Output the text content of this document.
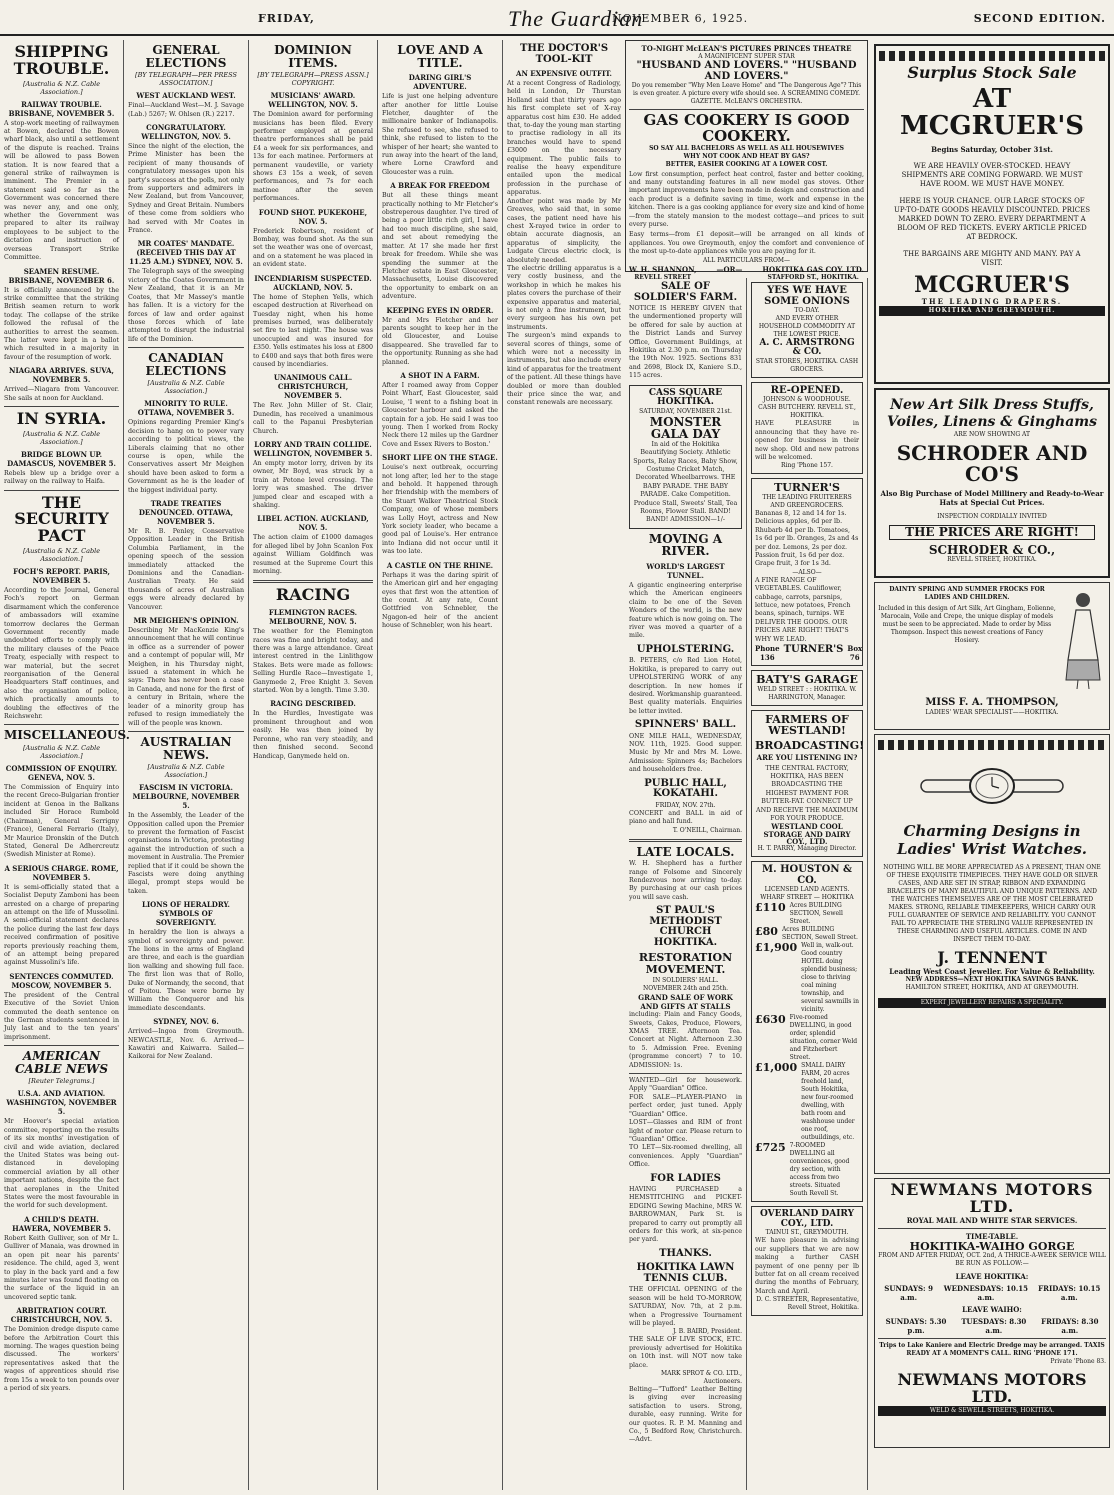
FRIDAY,	The Guardian
NOVEMBER 6, 1925.	SECOND EDITION.
SHIPPING TROUBLE.
[Australia & N.Z. Cable Association.]
RAILWAY TROUBLE. BRISBANE, NOVEMBER 5.
A stop-work meeting of railwaymen at Bowen, declared the Bowen wharf black, also until a settlement of the dispute is reached. Trains will be allowed to pass Bowen station. It is now feared that a general strike of railwaymen is imminent. The Premier in a statement said so far as the Government was concerned there was never any, and one only, whether the Government was prepared to alter its railway employees to be subject to the dictation and instruction of overseas Transport Strike Committee.
SEAMEN RESUME. BRISBANE, NOVEMBER 6.
It is officially announced by the strike committee that the striking British seamen return to work today. The collapse of the strike followed the refusal of the authorities to arrest the seamen. The latter were kept in a ballot which resulted in a majority in favour of the resumption of work.
NIAGARA ARRIVES. SUVA, NOVEMBER 5.
Arrived—Niagara from Vancouver. She sails at noon for Auckland.
IN SYRIA.
[Australia & N.Z. Cable Association.]
BRIDGE BLOWN UP. DAMASCUS, NOVEMBER 5.
Rebels blew up a bridge over a railway on the railway to Haifa.
THE SECURITY PACT
[Australia & N.Z. Cable Association.]
FOCH'S REPORT. PARIS, NOVEMBER 5.
According to the Journal, General Foch's report on German disarmament which the conference of ambassadors will examine tomorrow declares the German Government recently made undoubted efforts to comply with the military clauses of the Peace Treaty, especially with respect to war material, but the secret reorganisation of the General Headquarters Staff continues, and also the organisation of police, which practically amounts to doubling the effectives of the Reichswehr.
MISCELLANEOUS.
[Australia & N.Z. Cable Association.]
COMMISSION OF ENQUIRY. GENEVA, NOV. 5.
The Commission of Enquiry into the recent Greco-Bulgarian frontier incident at Genoa in the Balkans included Sir Horace Rumbold (Chairman), General Serrigny (France), General Ferrario (Italy), Mr Maurice Dronskin of the Dutch Stated, General De Adhercreutz (Swedish Minister at Rome).
A SERIOUS CHARGE. ROME, NOVEMBER 5.
It is semi-officially stated that a Socialist Deputy Zamboni has been arrested on a charge of preparing an attempt on the life of Mussolini. A semi-official statement declares the police during the last few days received confirmation of positive reports previously reaching them, of an attempt being prepared against Mussolini's life.
SENTENCES COMMUTED. MOSCOW, NOVEMBER 5.
The president of the Central Executive of the Soviet Union commuted the death sentence on the German students sentenced in July last and to the ten years' imprisonment.
AMERICAN CABLE NEWS
[Reuter Telegrams.]
U.S.A. AND AVIATION. WASHINGTON, NOVEMBER 5.
Mr Hoover's special aviation committee, reporting on the results of its six months' investigation of civil and wide aviation, declared the United States was being out-distanced in developing commercial aviation by all other important nations, despite the fact that aeroplanes in the United States were the most favourable in the world for such development.
A CHILD'S DEATH. HAWERA, NOVEMBER 5.
Robert Keith Gulliver, son of Mr L. Gulliver of Manaia, was drowned in an open pit near his parents' residence. The child, aged 3, went to play in the back yard and a few minutes later was found floating on the surface of the liquid in an uncovered septic tank.
ARBITRATION COURT. CHRISTCHURCH, NOV. 5.
The Dominion dredge dispute came before the Arbitration Court this morning. The wages question being discussed. The workers' representatives asked that the wages of apprentices should rise from 15s a week to ten pounds over a period of six years.
GENERAL ELECTIONS
[BY TELEGRAPH—PER PRESS ASSOCIATION.]
WEST AUCKLAND WEST.
Final—Auckland West—M. J. Savage (Lab.) 5267; W. Ohlsen (R.) 2217.
CONGRATULATORY. WELLINGTON, NOV. 5.
Since the night of the election, the Prime Minister has been the recipient of many thousands of congratulatory messages upon his party's success at the polls, not only from supporters and admirers in New Zealand, but from Vancouver, Sydney and Great Britain. Numbers of these come from soldiers who had served with Mr Coates in France.
MR COATES' MANDATE. (RECEIVED THIS DAY AT 11.25 A.M.) SYDNEY, NOV. 5.
The Telegraph says of the sweeping victory of the Coates Government in New Zealand, that it is an Mr Coates, that Mr Massey's mantle has fallen. It is a victory for the forces of law and order against those forces which of late attempted to disrupt the industrial life of the Dominion.
CANADIAN ELECTIONS
[Australia & N.Z. Cable Association.]
MINORITY TO RULE. OTTAWA, NOVEMBER 5.
Opinions regarding Premier King's decision to hang on to power vary according to political views, the Liberals claiming that no other course is open, while the Conservatives assert Mr Meighen should have been asked to form a Government as he is the leader of the biggest individual party.
TRADE TREATIES DENOUNCED. OTTAWA, NOVEMBER 5.
Mr R. B. Penley, Conservative Opposition Leader in the British Columbia Parliament, in the opening speech of the session immediately attacked the Dominions and the Canadian-Australian Treaty. He said thousands of acres of Australian eggs were already declared by Vancouver.
MR MEIGHEN'S OPINION.
Describing Mr MacKenzie King's announcement that he will continue in office as a surrender of power and a contempt of popular will, Mr Meighen, in his Thursday night, issued a statement in which he says: There has never been a case in Canada, and none for the first of a century in Britain, where the leader of a minority group has refused to resign immediately the will of the people was known.
AUSTRALIAN NEWS.
[Australia & N.Z. Cable Association.]
FASCISM IN VICTORIA. MELBOURNE, NOVEMBER 5.
In the Assembly, the Leader of the Opposition called upon the Premier to prevent the formation of Fascist organisations in Victoria, protesting against the introduction of such a movement in Australia. The Premier replied that if it could be shown the Fascists were doing anything illegal, prompt steps would be taken.
LIONS OF HERALDRY. SYMBOLS OF SOVEREIGNTY.
In heraldry the lion is always a symbol of sovereignty and power. The lions in the arms of England are three, and each is the guardian lion walking and showing full face. The first lion was that of Rollo, Duke of Normandy, the second, that of Poitou. These were borne by William the Conqueror and his immediate descendants.
SYDNEY, NOV. 6.
Arrived—Ingoa from Greymouth. NEWCASTLE, Nov. 6. Arrived—Kawatiri and Kaiwarra. Sailed—Kaikorai for New Zealand.
DOMINION ITEMS.
[BY TELEGRAPH—PRESS ASSN.] COPYRIGHT.
MUSICIANS' AWARD. WELLINGTON, NOV. 5.
The Dominion award for performing musicians has been filed. Every performer employed at general theatre performances shall be paid £4 a week for six performances, and 13s for each matinee. Performers at permanent vaudeville, or variety shows £3 15s a week, of seven performances, and 7s for each matinee after the seven performances.
FOUND SHOT. PUKEKOHE, NOV. 5.
Frederick Robertson, resident of Bombay, was found shot. As the sun set the weather was one of overcast, and on a statement he was placed in an evident state.
INCENDIARISM SUSPECTED. AUCKLAND, NOV. 5.
The home of Stephen Yells, which escaped destruction at Riverhead on Tuesday night, when his home premises burned, was deliberately set fire to last night. The house was unoccupied and was insured for £350. Yells estimates his loss at £800 to £400 and says that both fires were caused by incendiaries.
UNANIMOUS CALL. CHRISTCHURCH, NOVEMBER 5.
The Rev. John Miller of St. Clair, Dunedin, has received a unanimous call to the Papanui Presbyterian Church.
LORRY AND TRAIN COLLIDE. WELLINGTON, NOVEMBER 5.
An empty motor lorry, driven by its owner, Mr Boyd, was struck by a train at Petone level crossing. The lorry was smashed. The driver jumped clear and escaped with a shaking.
LIBEL ACTION. AUCKLAND, NOV. 5.
The action claim of £1000 damages for alleged libel by John Scanlon Fox against William Goldfinch was resumed at the Supreme Court this morning.
RACING
FLEMINGTON RACES. MELBOURNE, NOV. 5.
The weather for the Flemington races was fine and bright today, and there was a large attendance. Great interest centred in the Linlithgow Stakes. Bets were made as follows: Selling Hurdle Race—Investigate 1, Ganymede 2, Free Knight 3. Seven started. Won by a length. Time 3.30.
RACING DESCRIBED.
In the Hurdles, Investigate was prominent throughout and won easily. He was then joined by Peronne, who ran very steadily, and then finished second. Second Handicap, Ganymede held on.
LOVE AND A TITLE.
DARING GIRL'S ADVENTURE.
Life is just one helping adventure after another for little Louise Fletcher, daughter of the millionaire banker of Indianapolis. She refused to see, she refused to think, she refused to listen to the whisper of her heart; she wanted to run away into the heart of the land, where Lorne Crawford and Gloucester was a ruin.
A BREAK FOR FREEDOM
But all these things meant practically nothing to Mr Fletcher's obstreperous daughter. I've tired of being a poor little rich girl, I have had too much discipline, she said, and set about remedying the matter. At 17 she made her first break for freedom. While she was spending the summer at the Fletcher estate in East Gloucester, Massachusetts, Louise discovered the opportunity to embark on an adventure.
KEEPING EYES IN ORDER.
Mr and Mrs Fletcher and her parents sought to keep her in the old Gloucester, and Louise disappeared. She travelled far to the opportunity. Running as she had planned.
A SHOT IN A FARM.
After I roamed away from Copper Point Wharf, East Gloucester, said Louise, 'I went to a fishing boat in Gloucester harbour and asked the captain for a job. He said I was too young. Then I worked from Rocky Neck there 12 miles up the Gardner Cove and Essex Rivers to Boston.'
SHORT LIFE ON THE STAGE.
Louise's next outbreak, occurring not long after, led her to the stage and behold. It happened through her friendship with the members of the Stuart Walker Theatrical Stock Company, one of whose members was Lolly Hoyt, actress and New York society leader, who became a good pal of Louise's. Her entrance into Indiana did not occur until it was too late.
A CASTLE ON THE RHINE.
Perhaps it was the daring spirit of the American girl and her engaging eyes that first won the attention of the count. At any rate, Count Gottfried von Schnebler, the Ngagon-ed heir of the ancient house of Schnebler, won his heart.
THE DOCTOR'S TOOL-KIT
AN EXPENSIVE OUTFIT.
At a recent Congress of Radiology, held in London, Dr Thurstan Holland said that thirty years ago his first complete set of X-ray apparatus cost him £30. He added that, to-day the young man starting to practise radiology in all its branches would have to spend £3000 on the necessary equipment. The public fails to realise the heavy expenditure entailed upon the medical profession in the purchase of apparatus.
Another point was made by Mr Greaves, who said that, in some cases, the patient need have his chest X-rayed twice in order to obtain accurate diagnosis, an apparatus of simplicity, the Ludgate Circus electric clock, is absolutely needed.
The electric drilling apparatus is a very costly business, and the workshop in which he makes his plates covers the purchase of their expensive apparatus and material, is not only a fine instrument, but every surgeon has his own pet instruments.
The surgeon's mind expands to several scores of things, some of which were not a necessity in instruments, but also include every kind of apparatus for the treatment of the patient. All these things have doubled or more than doubled their price since the war, and constant renewals are necessary.
TO-NIGHT McLEAN'S PICTURES PRINCES THEATRE
A MAGNIFICENT SUPER STAR
"HUSBAND AND LOVERS." "HUSBAND AND LOVERS."
Do you remember "Why Men Leave Home" and "The Dangerous Age"? This is even greater. A picture every wife should see. A SCREAMING COMEDY. GAZETTE. McLEAN'S ORCHESTRA.
GAS COOKERY IS GOOD COOKERY.
SO SAY ALL BACHELORS AS WELL AS ALL HOUSEWIVES
WHY NOT COOK AND HEAT BY GAS?
BETTER, EASIER COOKING AT A LOWER COST.
Low first consumption, perfect heat control, faster and better cooking, and many outstanding features in all new model gas stoves. Other important improvements have been made in design and construction and each product is a definite saving in time, work and expense in the kitchen. There is a gas cooking appliance for every size and kind of home—from the stately mansion to the modest cottage—and prices to suit every purse.
Easy terms—from £1 deposit—will be arranged on all kinds of appliances. You owe Greymouth, enjoy the comfort and convenience of the most up-to-date appliances while you are paying for it.
ALL PARTICULARS FROM—
W. H. SHANNON,
REVELL STREET
—OR—	HOKITIKA GAS COY. LTD.
STAFFORD ST., HOKITIKA.
SALE OF SOLDIER'S FARM.
NOTICE IS HEREBY GIVEN that the undermentioned property will be offered for sale by auction at the District Lands and Survey Office, Government Buildings, at Hokitika at 2.30 p.m. on Thursday the 19th Nov. 1925. Sections 831 and 2698, Block IX, Kaniere S.D., 115 acres.
CASS SQUARE HOKITIKA.
SATURDAY, NOVEMBER 21st.
MONSTER GALA DAY
In aid of the Hokitika Beautifying Society. Athletic Sports, Relay Races, Baby Show, Costume Cricket Match, Decorated Wheelbarrows. THE BABY PARADE. THE BABY PARADE. Cake Competition. Produce Stall, Sweets' Stall, Tea Rooms, Flower Stall. BAND! BAND! ADMISSION—1/-
MOVING A RIVER.
WORLD'S LARGEST TUNNEL.
A gigantic engineering enterprise which the American engineers claim to be one of the Seven Wonders of the world, is the new feature which is now going on. The river was moved a quarter of a mile.
UPHOLSTERING.
B. PETERS, c/o Red Lion Hotel, Hokitika, is prepared to carry out UPHOLSTERING WORK of any description. In new homes if desired. Workmanship guaranteed. Best quality materials. Enquiries be letter invited.
SPINNERS' BALL.
ONE MILE HALL, WEDNESDAY, NOV. 11th, 1925. Good supper. Music by Mr and Mrs M. Lowe. Admission: Spinners 4s; Bachelors and householders free.
PUBLIC HALL, KOKATAHI.
FRIDAY, NOV. 27th.
CONCERT and BALL in aid of piano and hall fund.
T. O'NEILL, Chairman.
LATE LOCALS.
W. H. Shepherd has a further range of Folsome and Sincerely Rendezvous now arriving to-day. By purchasing at our cash prices you will save cash.
ST PAUL'S METHODIST CHURCH HOKITIKA.
RESTORATION MOVEMENT.
IN SOLDIERS' HALL.
NOVEMBER 24th and 25th.
GRAND SALE OF WORK AND GIFTS AT STALLS
including: Plain and Fancy Goods, Sweets, Cakes, Produce, Flowers, XMAS TREE. Afternoon Tea. Concert at Night. Afternoon 2.30 to 5. Admission Free. Evening (programme concert) 7 to 10. ADMISSION: 1s.
WANTED—Girl for housework. Apply "Guardian" Office.
FOR SALE—PLAYER-PIANO in perfect order, just tuned. Apply "Guardian" Office.
LOST—Glasses and RIM of front light of motor car. Please return to "Guardian" Office.
TO LET—Six-roomed dwelling, all conveniences. Apply "Guardian" Office.
FOR LADIES
HAVING PURCHASED a HEMSTITCHING and PICKET-EDGING Sewing Machine, MRS W. BARROWMAN, Park St. is prepared to carry out promptly all orders for this work, at six-pence per yard.
THANKS.
HOKITIKA LAWN TENNIS CLUB.
THE OFFICIAL OPENING of the season will be held TO-MORROW, SATURDAY, Nov. 7th, at 2 p.m. when a Progressive Tournament will be played.
J. B. BAIRD, President.
THE SALE OF LIVE STOCK, ETC. previously advertised for Hokitika on 10th inst. will NOT now take place.
MARK SPROT & CO. LTD., Auctioneers.
Belting—"Tufford" Leather Belting is giving ever increasing satisfaction to users. Strong, durable, easy running. Write for our quotes. R. P. M. Manning and Co., 5 Bedford Row, Christchurch.—Advt.
YES WE HAVE SOME ONIONS
TO-DAY.
AND EVERY OTHER HOUSEHOLD COMMODITY AT THE LOWEST PRICE.
A. C. ARMSTRONG & CO.
STAR STORES, HOKITIKA. CASH GROCERS.
RE-OPENED.
JOHNSON & WOODHOUSE. CASH BUTCHERY. REVELL ST., HOKITIKA.
HAVE PLEASURE in announcing that they have re-opened for business in their new shop. Old and new patrons will be welcomed.
Ring 'Phone 157.
TURNER'S
THE LEADING FRUITERERS AND GREENGROCERS.
Bananas 8, 12 and 14 for 1s. Delicious apples, 6d per lb. Rhubarb 4d per lb. Tomatoes, 1s 6d per lb. Oranges, 2s and 4s per doz. Lemons, 2s per doz. Passion fruit, 1s 6d per doz. Grape fruit, 3 for 1s 3d.
—ALSO—
A FINE RANGE OF VEGETABLES. Cauliflower, cabbage, carrots, parsnips, lettuce, new potatoes, French beans, spinach, turnips. WE DELIVER THE GOODS. OUR PRICES ARE RIGHT! THAT'S WHY WE LEAD.
Phone 136
TURNER'S Box 76
BATY'S GARAGE
WELD STREET : : HOKITIKA. W. HARRINGTON, Manager.
FARMERS OF WESTLAND!
BROADCASTING!
ARE YOU LISTENING IN?
THE CENTRAL FACTORY, HOKITIKA, HAS BEEN BROADCASTING THE HIGHEST PAYMENT FOR BUTTER-FAT. CONNECT UP AND RECEIVE THE MAXIMUM FOR YOUR PRODUCE.
WESTLAND COOL STORAGE AND DAIRY COY., LTD.
H. T. PARRY, Managing Director.
M. HOUSTON & CO.
LICENSED LAND AGENTS.
WHARF STREET — HOKITIKA
£110 Acres BUILDING SECTION, Sewell Street.
£80 Acres BUILDING SECTION, Sewell Street.
£1,900 Well in, walk-out. Good country HOTEL doing splendid business; close to thriving coal mining township, and several sawmills in vicinity.
£630 Five-roomed DWELLING, in good order, splendid situation, corner Weld and Fitzherbert Street.
£1,000 SMALL DAIRY FARM, 20 acres freehold land, South Hokitika, new four-roomed dwelling, with bath room and washhouse under one roof, outbuildings, etc.
£725 7-ROOMED DWELLING all conveniences, good dry section, with access from two streets. Situated South Revell St.
OVERLAND DAIRY COY., LTD.
TAINUI ST., GREYMOUTH.
WE have pleasure in advising our suppliers that we are now making a further CASH payment of one penny per lb butter fat on all cream received during the months of February, March and April.
D. C. STREETER, Representative, Revell Street, Hokitika.
Surplus Stock Sale
AT MCGRUER'S
Begins Saturday, October 31st.
WE ARE HEAVILY OVER-STOCKED. HEAVY SHIPMENTS ARE COMING FORWARD. WE MUST HAVE ROOM. WE MUST HAVE MONEY.
HERE IS YOUR CHANCE. OUR LARGE STOCKS OF UP-TO-DATE GOODS HEAVILY DISCOUNTED. PRICES MARKED DOWN TO ZERO. EVERY DEPARTMENT A BLOOM OF RED TICKETS. EVERY ARTICLE PRICED AT BEDROCK.
THE BARGAINS ARE MIGHTY AND MANY. PAY A VISIT.
MCGRUER'S
THE LEADING DRAPERS.
HOKITIKA AND GREYMOUTH.
New Art Silk Dress Stuffs, Voiles, Linens & Ginghams
ARE NOW SHOWING AT
SCHRODER AND CO'S
Also Big Purchase of Model Millinery and Ready-to-Wear Hats at Special Cut Prices.
INSPECTION CORDIALLY INVITED
THE PRICES ARE RIGHT!
SCHRODER & CO.,
REVELL STREET, HOKITIKA.
DAINTY SPRING AND SUMMER FROCKS FOR LADIES AND CHILDREN.
Included in this design of Art Silk, Art Gingham, Eolienne, Marocain, Voile and Crepe, the unique display of models must be seen to be appreciated. Made to order by Miss Thompson. Inspect this newest creations of Fancy Hosiery.
MISS F. A. THOMPSON,
LADIES' WEAR SPECIALIST——HOKITIKA.
Charming Designs in Ladies' Wrist Watches.
NOTHING WILL BE MORE APPRECIATED AS A PRESENT, THAN ONE OF THESE EXQUISITE TIMEPIECES. THEY HAVE GOLD OR SILVER CASES, AND ARE SET IN STRAP, RIBBON AND EXPANDING BRACELETS OF MANY BEAUTIFUL AND UNIQUE PATTERNS. AND THE WATCHES THEMSELVES ARE OF THE MOST CELEBRATED MAKES. STRONG, RELIABLE TIMEKEEPERS, WHICH CARRY OUR FULL GUARANTEE OF SERVICE AND RELIABILITY. YOU CANNOT FAIL TO APPRECIATE THE STERLING VALUE REPRESENTED IN THESE CHARMING AND USEFUL ARTICLES. COME IN AND INSPECT THEM TO-DAY.
J. TENNENT
Leading West Coast Jeweller. For Value & Reliability.
NEW ADDRESS—NEXT HOKITIKA SAVINGS BANK.
HAMILTON STREET, HOKITIKA, AND AT GREYMOUTH.
EXPERT JEWELLERY REPAIRS A SPECIALITY.
NEWMANS MOTORS LTD.
ROYAL MAIL AND WHITE STAR SERVICES.
TIME-TABLE.
HOKITIKA-WAIHO GORGE
FROM AND AFTER FRIDAY, OCT. 2nd, A THRICE-A-WEEK SERVICE WILL BE RUN AS FOLLOW:—
LEAVE HOKITIKA:
SUNDAYS: 9 a.m.
WEDNESDAYS: 10.15 a.m.
FRIDAYS: 10.15 a.m.
LEAVE WAIHO:
SUNDAYS: 5.30 p.m.
TUESDAYS: 8.30 a.m.
FRIDAYS: 8.30 a.m.
Trips to Lake Kaniere and Electric Dredge may be arranged. TAXIS READY AT A MOMENT'S CALL. RING 'PHONE 171.
Private 'Phone 83.
NEWMANS MOTORS LTD.
WELD & SEWELL STREETS, HOKITIKA.
